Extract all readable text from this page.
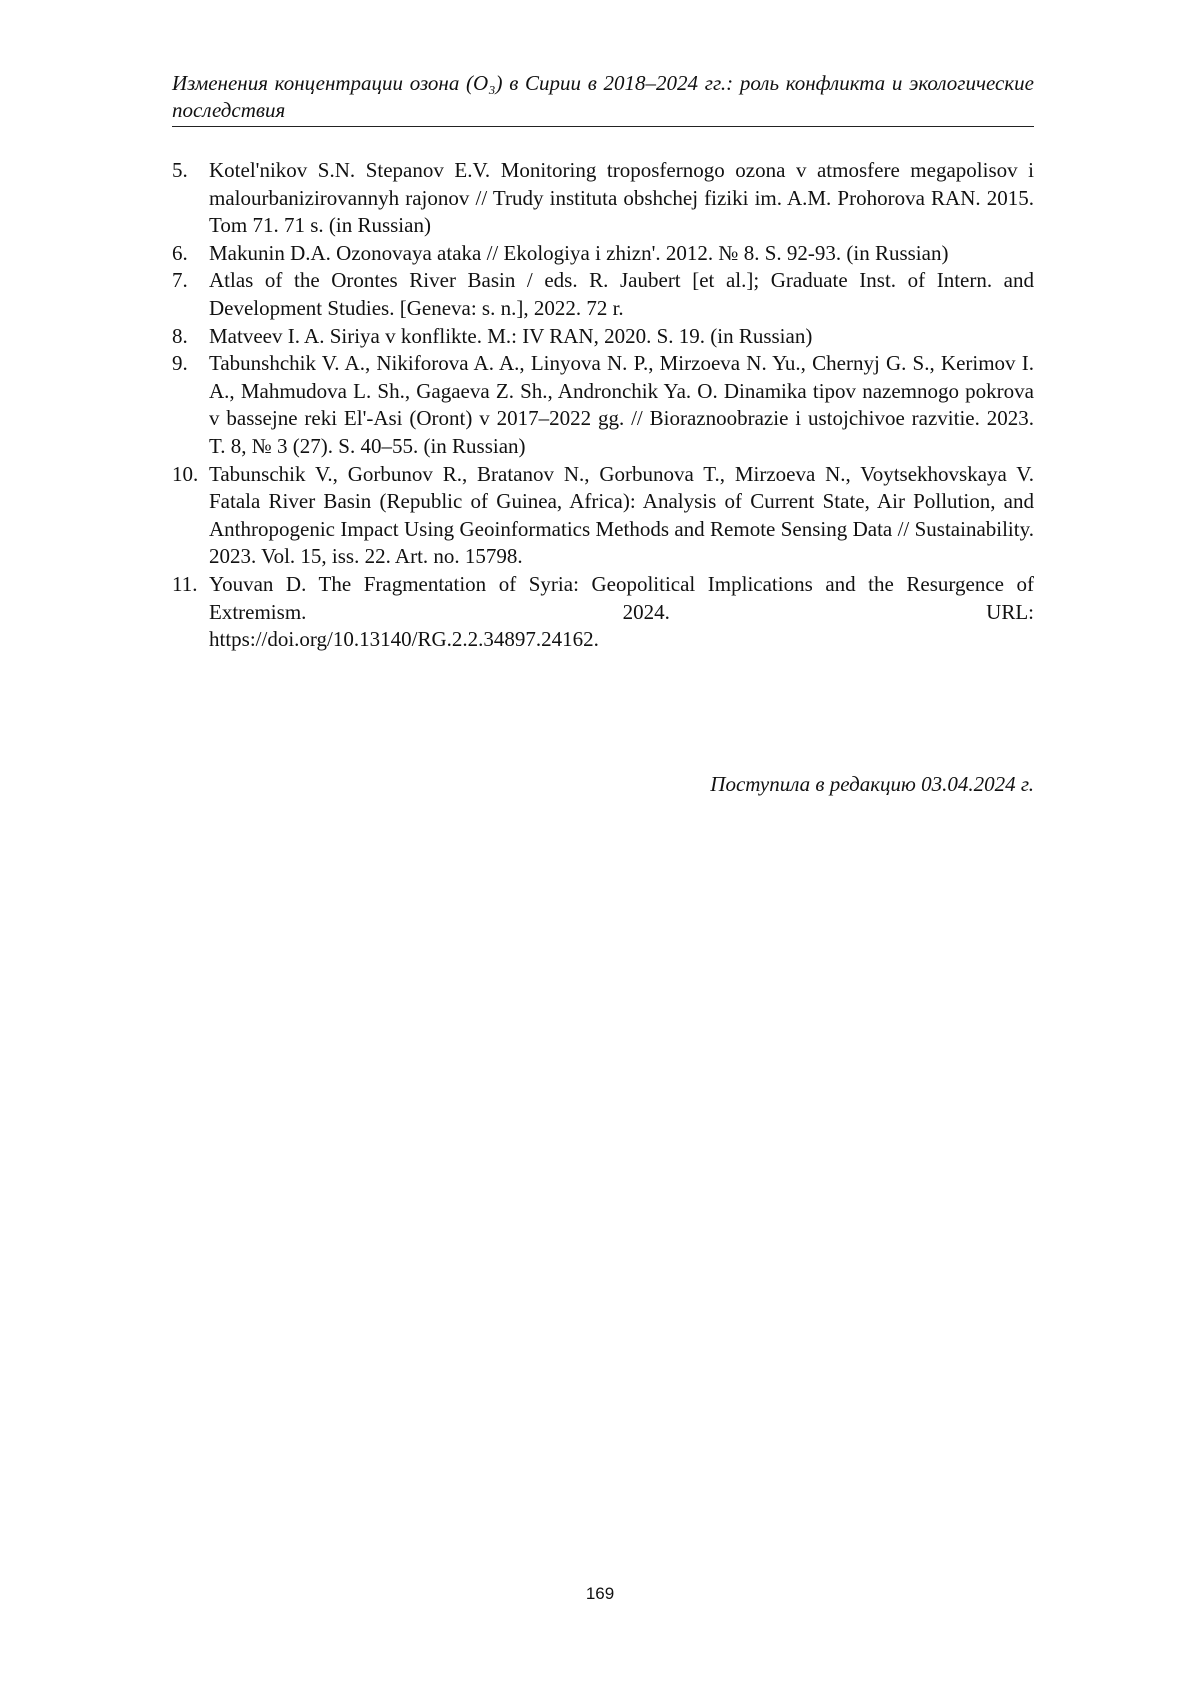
Изменения концентрации озона (O₃) в Сирии в 2018–2024 гг.: роль конфликта и экологические последствия
5.	Kotel'nikov S.N. Stepanov E.V. Monitoring troposfernogo ozona v atmosfere megapolisov i malourbanizirovannyh rajonov // Trudy instituta obshchej fiziki im. A.M. Prohorova RAN. 2015. Tom 71. 71 s. (in Russian)
6.	Makunin D.A. Ozonovaya ataka // Ekologiya i zhizn'. 2012. № 8. S. 92-93. (in Russian)
7.	Atlas of the Orontes River Basin / eds. R. Jaubert [et al.]; Graduate Inst. of Intern. and Development Studies. [Geneva: s. n.], 2022. 72 r.
8.	Matveev I. A. Siriya v konflikte. M.: IV RAN, 2020. S. 19. (in Russian)
9.	Tabunshchik V. A., Nikiforova A. A., Linyova N. P., Mirzoeva N. Yu., Chernyj G. S., Kerimov I. A., Mahmudova L. Sh., Gagaeva Z. Sh., Andronchik Ya. O. Dinamika tipov nazemnogo pokrova v bassejne reki El'-Asi (Oront) v 2017–2022 gg. // Bioraznoobrazie i ustojchivoe razvitie. 2023. T. 8, № 3 (27). S. 40–55. (in Russian)
10. Tabunschik V., Gorbunov R., Bratanov N., Gorbunova T., Mirzoeva N., Voytsekhovskaya V. Fatala River Basin (Republic of Guinea, Africa): Analysis of Current State, Air Pollution, and Anthropogenic Impact Using Geoinformatics Methods and Remote Sensing Data // Sustainability. 2023. Vol. 15, iss. 22. Art. no. 15798.
11. Youvan D. The Fragmentation of Syria: Geopolitical Implications and the Resurgence of Extremism. 2024. URL:
https://doi.org/10.13140/RG.2.2.34897.24162.
Поступила в редакцию 03.04.2024 г.
169
